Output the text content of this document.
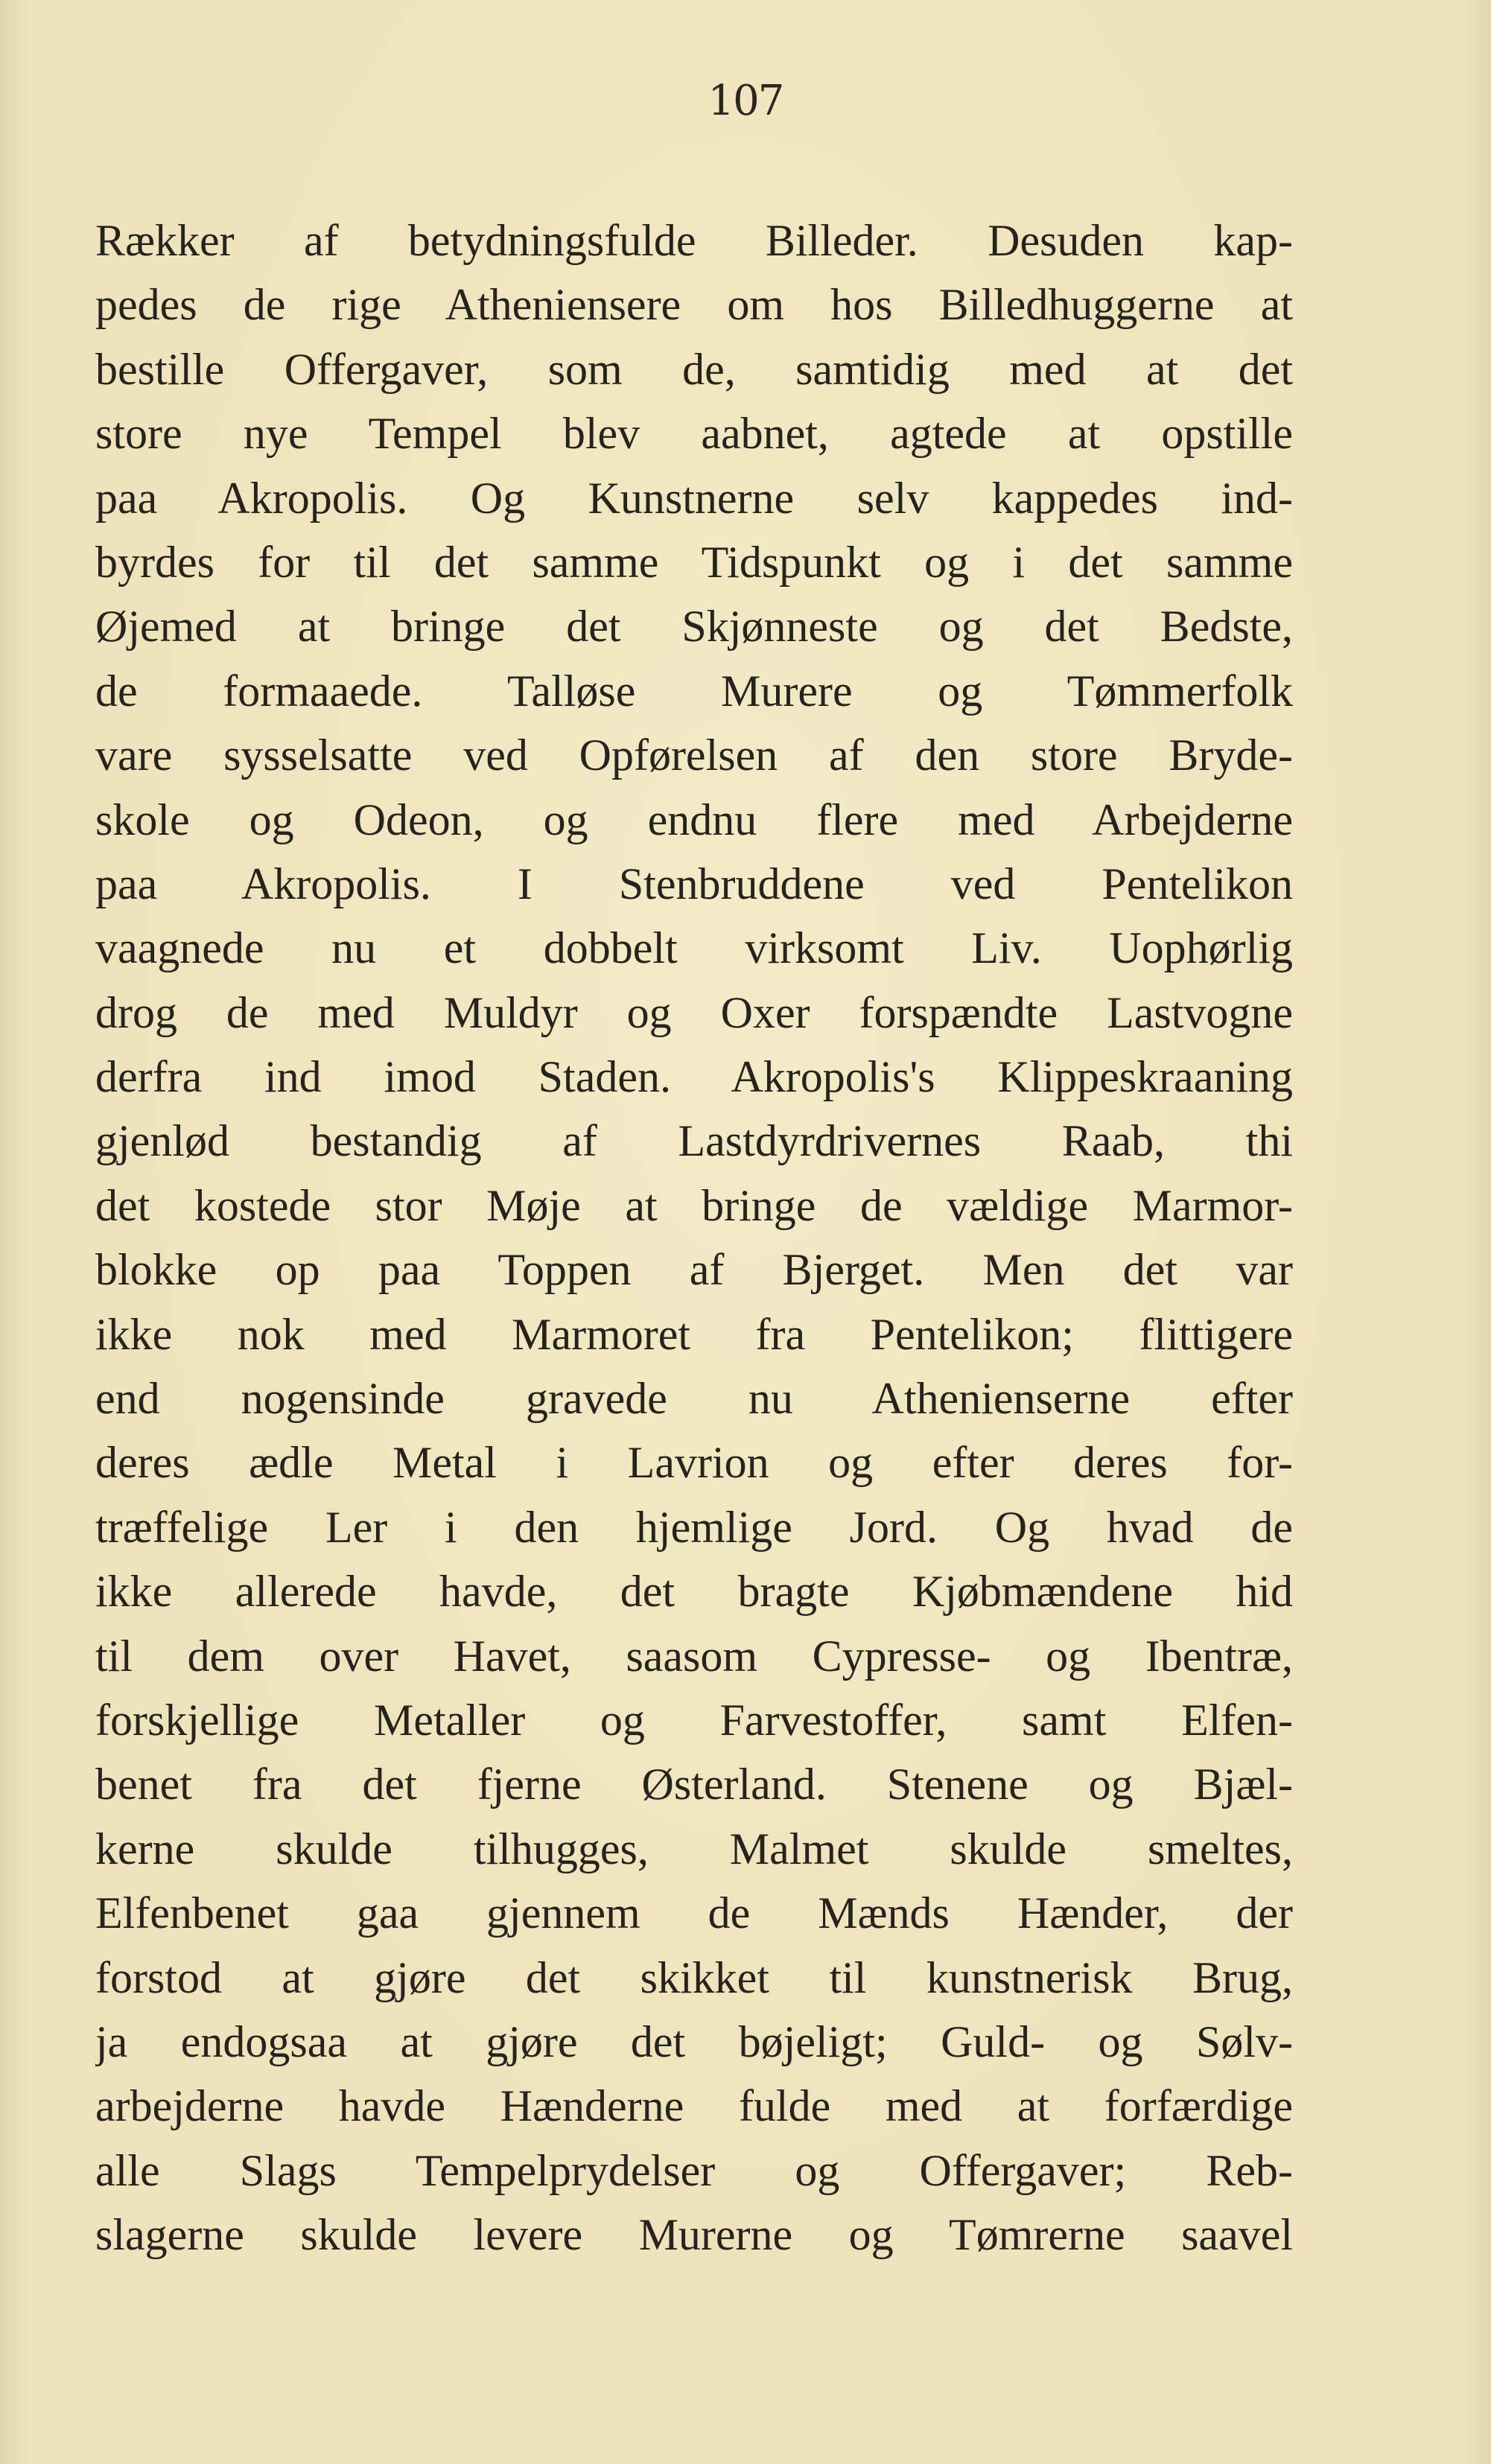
107
Rækker af betydningsfulde Billeder. Desuden kap-
pedes de rige Atheniensere om hos Billedhuggerne at
bestille Offergaver, som de, samtidig med at det
store nye Tempel blev aabnet, agtede at opstille
paa Akropolis. Og Kunstnerne selv kappedes ind-
byrdes for til det samme Tidspunkt og i det samme
Øjemed at bringe det Skjønneste og det Bedste,
de formaaede. Talløse Murere og Tømmerfolk
vare sysselsatte ved Opførelsen af den store Bryde-
skole og Odeon, og endnu flere med Arbejderne
paa Akropolis. I Stenbruddene ved Pentelikon
vaagnede nu et dobbelt virksomt Liv. Uophørlig
drog de med Muldyr og Oxer forspændte Lastvogne
derfra ind imod Staden. Akropolis's Klippeskraaning
gjenlød bestandig af Lastdyrdrivernes Raab, thi
det kostede stor Møje at bringe de vældige Marmor-
blokke op paa Toppen af Bjerget. Men det var
ikke nok med Marmoret fra Pentelikon; flittigere
end nogensinde gravede nu Athenienserne efter
deres ædle Metal i Lavrion og efter deres for-
træffelige Ler i den hjemlige Jord. Og hvad de
ikke allerede havde, det bragte Kjøbmændene hid
til dem over Havet, saasom Cypresse- og Ibentræ,
forskjellige Metaller og Farvestoffer, samt Elfen-
benet fra det fjerne Østerland. Stenene og Bjæl-
kerne skulde tilhugges, Malmet skulde smeltes,
Elfenbenet gaa gjennem de Mænds Hænder, der
forstod at gjøre det skikket til kunstnerisk Brug,
ja endogsaa at gjøre det bøjeligt; Guld- og Sølv-
arbejderne havde Hænderne fulde med at forfærdige
alle Slags Tempelprydelser og Offergaver; Reb-
slagerne skulde levere Murerne og Tømrerne saavel
